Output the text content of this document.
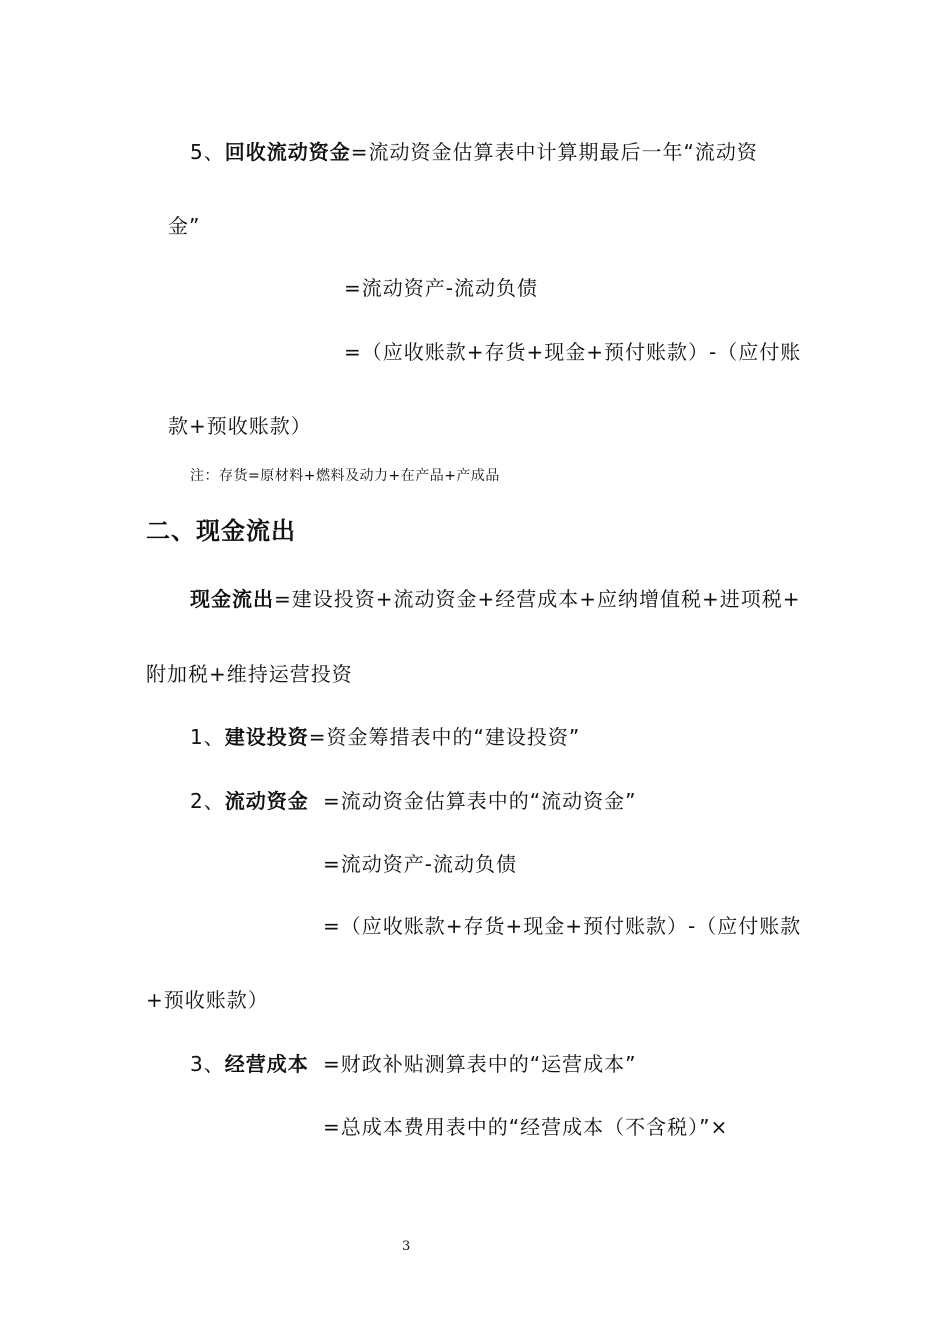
5、回收流动资金=流动资金估算表中计算期最后一年“流动资
金”
=流动资产-流动负债
=（应收账款+存货+现金+预付账款）-（应付账
款+预收账款）
注：存货=原材料+燃料及动力+在产品+产成品
二、现金流出
现金流出=建设投资+流动资金+经营成本+应纳增值税+进项税+
附加税+维持运营投资
1、建设投资=资金筹措表中的“建设投资”
2、流动资金 =流动资金估算表中的“流动资金”
=流动资产-流动负债
=（应收账款+存货+现金+预付账款）-（应付账款
+预收账款）
3、经营成本 =财政补贴测算表中的“运营成本”
=总成本费用表中的“经营成本（不含税）”×
3
